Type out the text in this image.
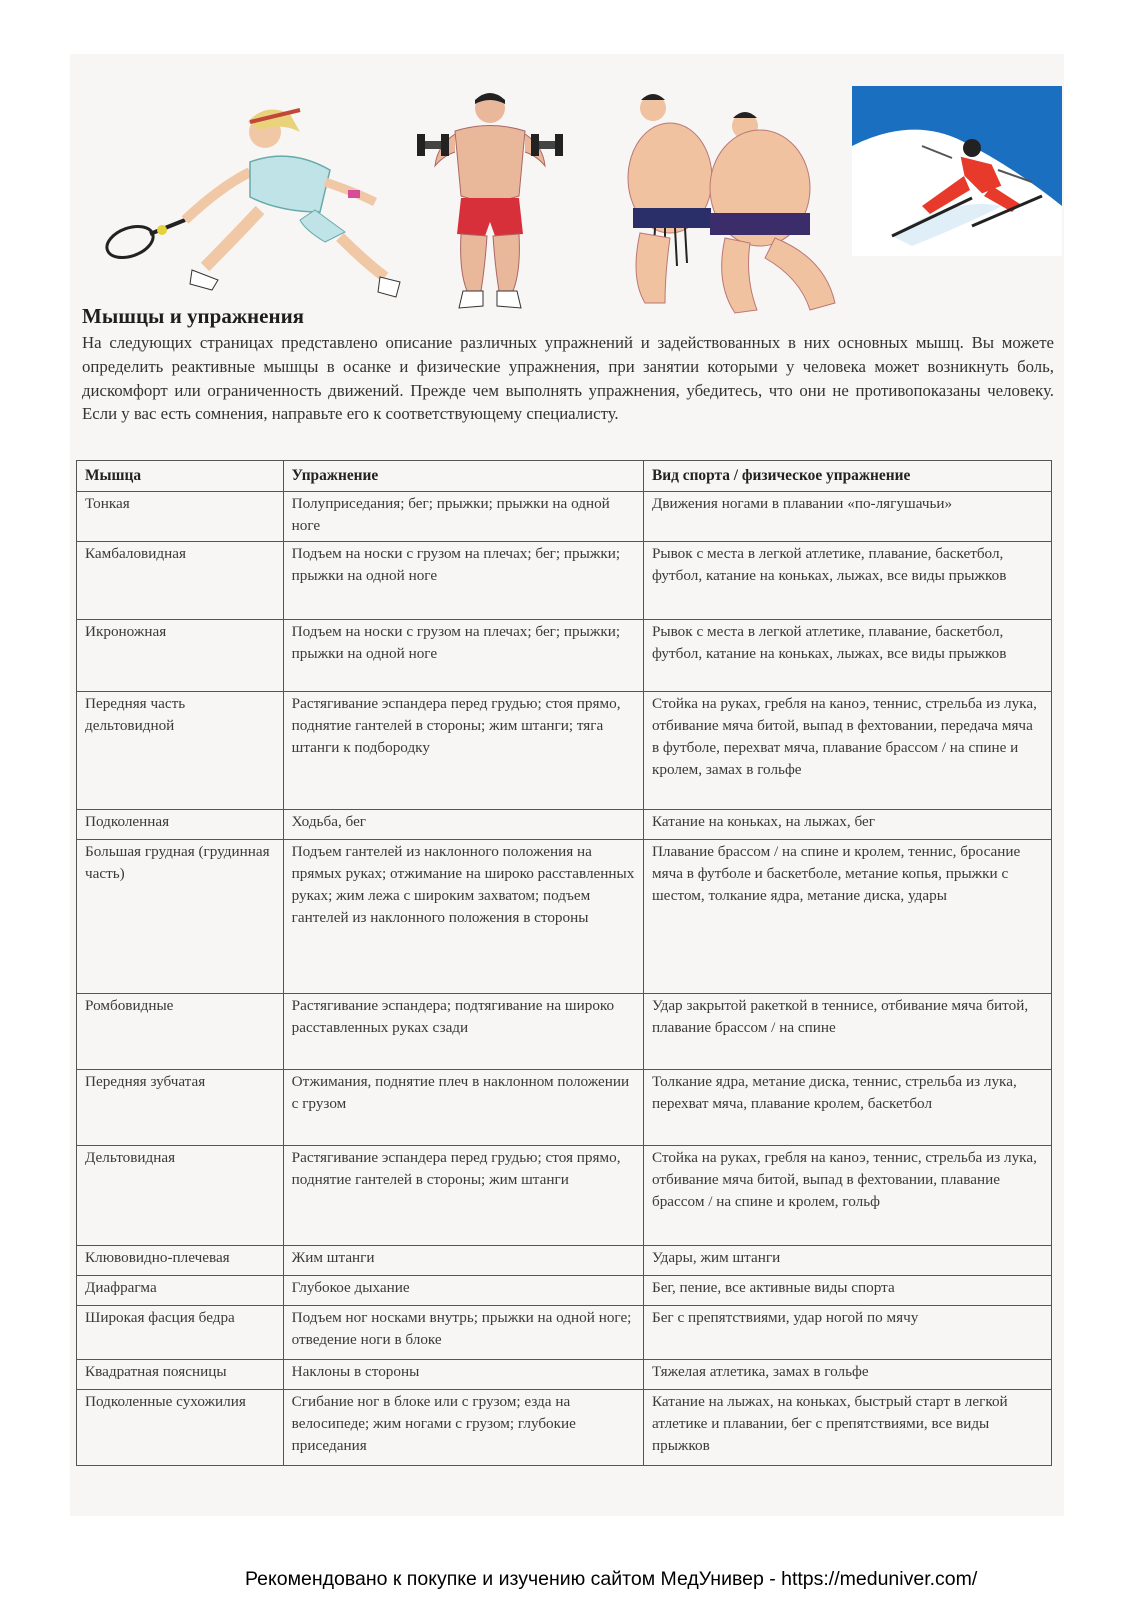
Мышцы и упражнения
На следующих страницах представлено описание различных упражнений и задействованных в них основных мышц. Вы можете определить реактивные мышцы в осанке и физические упражнения, при занятии которыми у человека может возникнуть боль, дискомфорт или ограниченность движений. Прежде чем выполнять упражнения, убедитесь, что они не противопоказаны человеку. Если у вас есть сомнения, направьте его к соответствующему специалисту.
Мышца	Упражнение	Вид спорта / физическое упражнение
Тонкая	Полуприседания; бег; прыжки; прыжки на одной ноге	Движения ногами в плавании «по-лягушачьи»
Камбаловидная	Подъем на носки с грузом на плечах; бег; прыжки; прыжки на одной ноге	Рывок с места в легкой атлетике, плавание, баскетбол, футбол, катание на коньках, лыжах, все виды прыжков
Икроножная	Подъем на носки с грузом на плечах; бег; прыжки; прыжки на одной ноге	Рывок с места в легкой атлетике, плавание, баскетбол, футбол, катание на коньках, лыжах, все виды прыжков
Передняя часть дельтовидной	Растягивание эспандера перед грудью; стоя прямо, поднятие гантелей в стороны; жим штанги; тяга штанги к подбородку	Стойка на руках, гребля на каноэ, теннис, стрельба из лука, отбивание мяча битой, выпад в фехтовании, передача мяча в футболе, перехват мяча, плавание брассом / на спине и кролем, замах в гольфе
Подколенная	Ходьба, бег	Катание на коньках, на лыжах, бег
Большая грудная (грудинная часть)	Подъем гантелей из наклонного положения на прямых руках; отжимание на широко расставленных руках; жим лежа с широким захватом; подъем гантелей из наклонного положения в стороны	Плавание брассом / на спине и кролем, теннис, бросание мяча в футболе и баскетболе, метание копья, прыжки с шестом, толкание ядра, метание диска, удары
Ромбовидные	Растягивание эспандера; подтягивание на широко расставленных руках сзади	Удар закрытой ракеткой в теннисе, отбивание мяча битой, плавание брассом / на спине
Передняя зубчатая	Отжимания, поднятие плеч в наклонном положении с грузом	Толкание ядра, метание диска, теннис, стрельба из лука, перехват мяча, плавание кролем, баскетбол
Дельтовидная	Растягивание эспандера перед грудью; стоя прямо, поднятие гантелей в стороны; жим штанги	Стойка на руках, гребля на каноэ, теннис, стрельба из лука, отбивание мяча битой, выпад в фехтовании, плавание брассом / на спине и кролем, гольф
Клювовидно-плечевая	Жим штанги	Удары, жим штанги
Диафрагма	Глубокое дыхание	Бег, пение, все активные виды спорта
Широкая фасция бедра	Подъем ног носками внутрь; прыжки на одной ноге; отведение ноги в блоке	Бег с препятствиями, удар ногой по мячу
Квадратная поясницы	Наклоны в стороны	Тяжелая атлетика, замах в гольфе
Подколенные сухожилия	Сгибание ног в блоке или с грузом; езда на велосипеде; жим ногами с грузом; глубокие приседания	Катание на лыжах, на коньках, быстрый старт в легкой атлетике и плавании, бег с препятствиями, все виды прыжков
Рекомендовано к покупке и изучению сайтом МедУнивер - https://meduniver.com/
